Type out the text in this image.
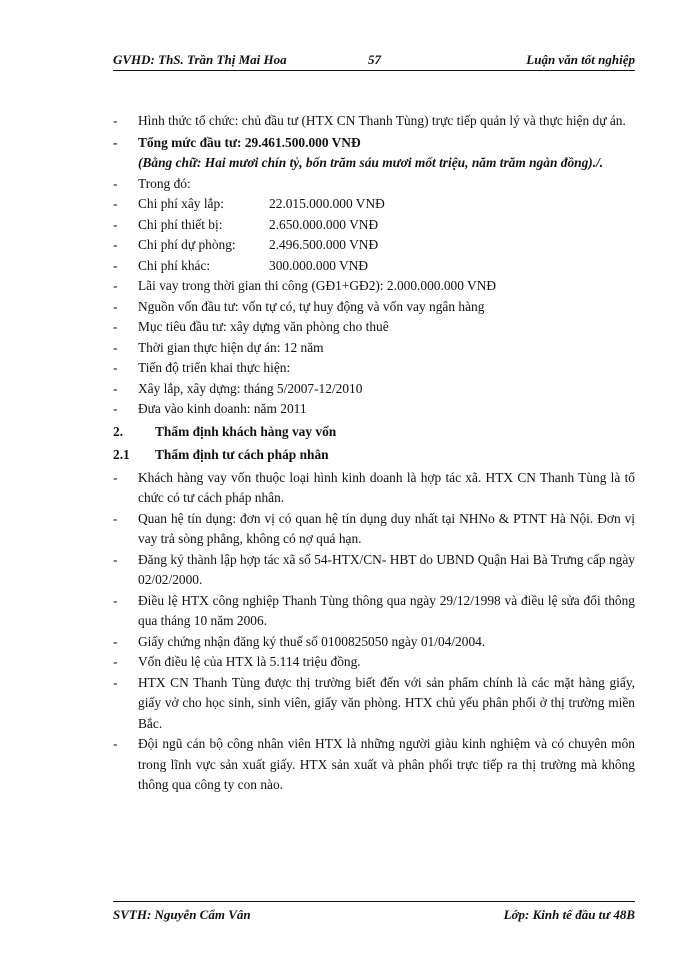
GVHD: ThS. Trần Thị Mai Hoa	57	Luận văn tốt nghiệp
- Hình thức tổ chức: chủ đầu tư (HTX CN Thanh Tùng) trực tiếp quản lý và thực hiện dự án.
- Tổng mức đầu tư: 29.461.500.000 VNĐ

(Bằng chữ: Hai mươi chín tỷ, bốn trăm sáu mươi mốt triệu, năm trăm ngàn đồng)./.

- Trong đó:
- Chi phí xây lắp:	22.015.000.000 VNĐ
- Chi phí thiết bị:	2.650.000.000 VNĐ
- Chi phí dự phòng: 2.496.500.000 VNĐ
- Chi phí khác:	300.000.000 VNĐ
- Lãi vay trong thời gian thi công (GĐ1+GĐ2): 2.000.000.000 VNĐ
- Nguồn vốn đầu tư: vốn tự có, tự huy động và vốn vay ngân hàng
- Mục tiêu đầu tư: xây dựng văn phòng cho thuê
- Thời gian thực hiện dự án: 12 năm
- Tiến độ triển khai thực hiện:
- Xây lắp, xây dựng: tháng 5/2007-12/2010
- Đưa vào kinh doanh: năm 2011
2. Thẩm định khách hàng vay vốn
2.1 Thẩm định tư cách pháp nhân
- Khách hàng vay vốn thuộc loại hình kinh doanh là hợp tác xã. HTX CN Thanh Tùng là tổ chức có tư cách pháp nhân.
- Quan hệ tín dụng: đơn vị có quan hệ tín dụng duy nhất tại NHNo & PTNT Hà Nội. Đơn vị vay trả sòng phẳng, không có nợ quá hạn.
- Đăng ký thành lập hợp tác xã số 54-HTX/CN- HBT do UBND Quận Hai Bà Trưng cấp ngày 02/02/2000.
- Điều lệ HTX công nghiệp Thanh Tùng thông qua ngày 29/12/1998 và điều lệ sửa đổi thông qua tháng 10 năm 2006.
- Giấy chứng nhận đăng ký thuế số 0100825050 ngày 01/04/2004.
- Vốn điều lệ của HTX là 5.114 triệu đồng.
- HTX CN Thanh Tùng được thị trường biết đến với sản phẩm chính là các mặt hàng giấy, giấy vở cho học sinh, sinh viên, giấy văn phòng. HTX chủ yếu phân phối ở thị trường miền Bắc.
- Đội ngũ cán bộ công nhân viên HTX là những người giàu kinh nghiệm và có chuyên môn trong lĩnh vực sản xuất giấy. HTX sản xuất và phân phối trực tiếp ra thị trường mà không thông qua công ty con nào.
SVTH: Nguyễn Cẩm Vân	Lớp: Kinh tế đầu tư 48B
